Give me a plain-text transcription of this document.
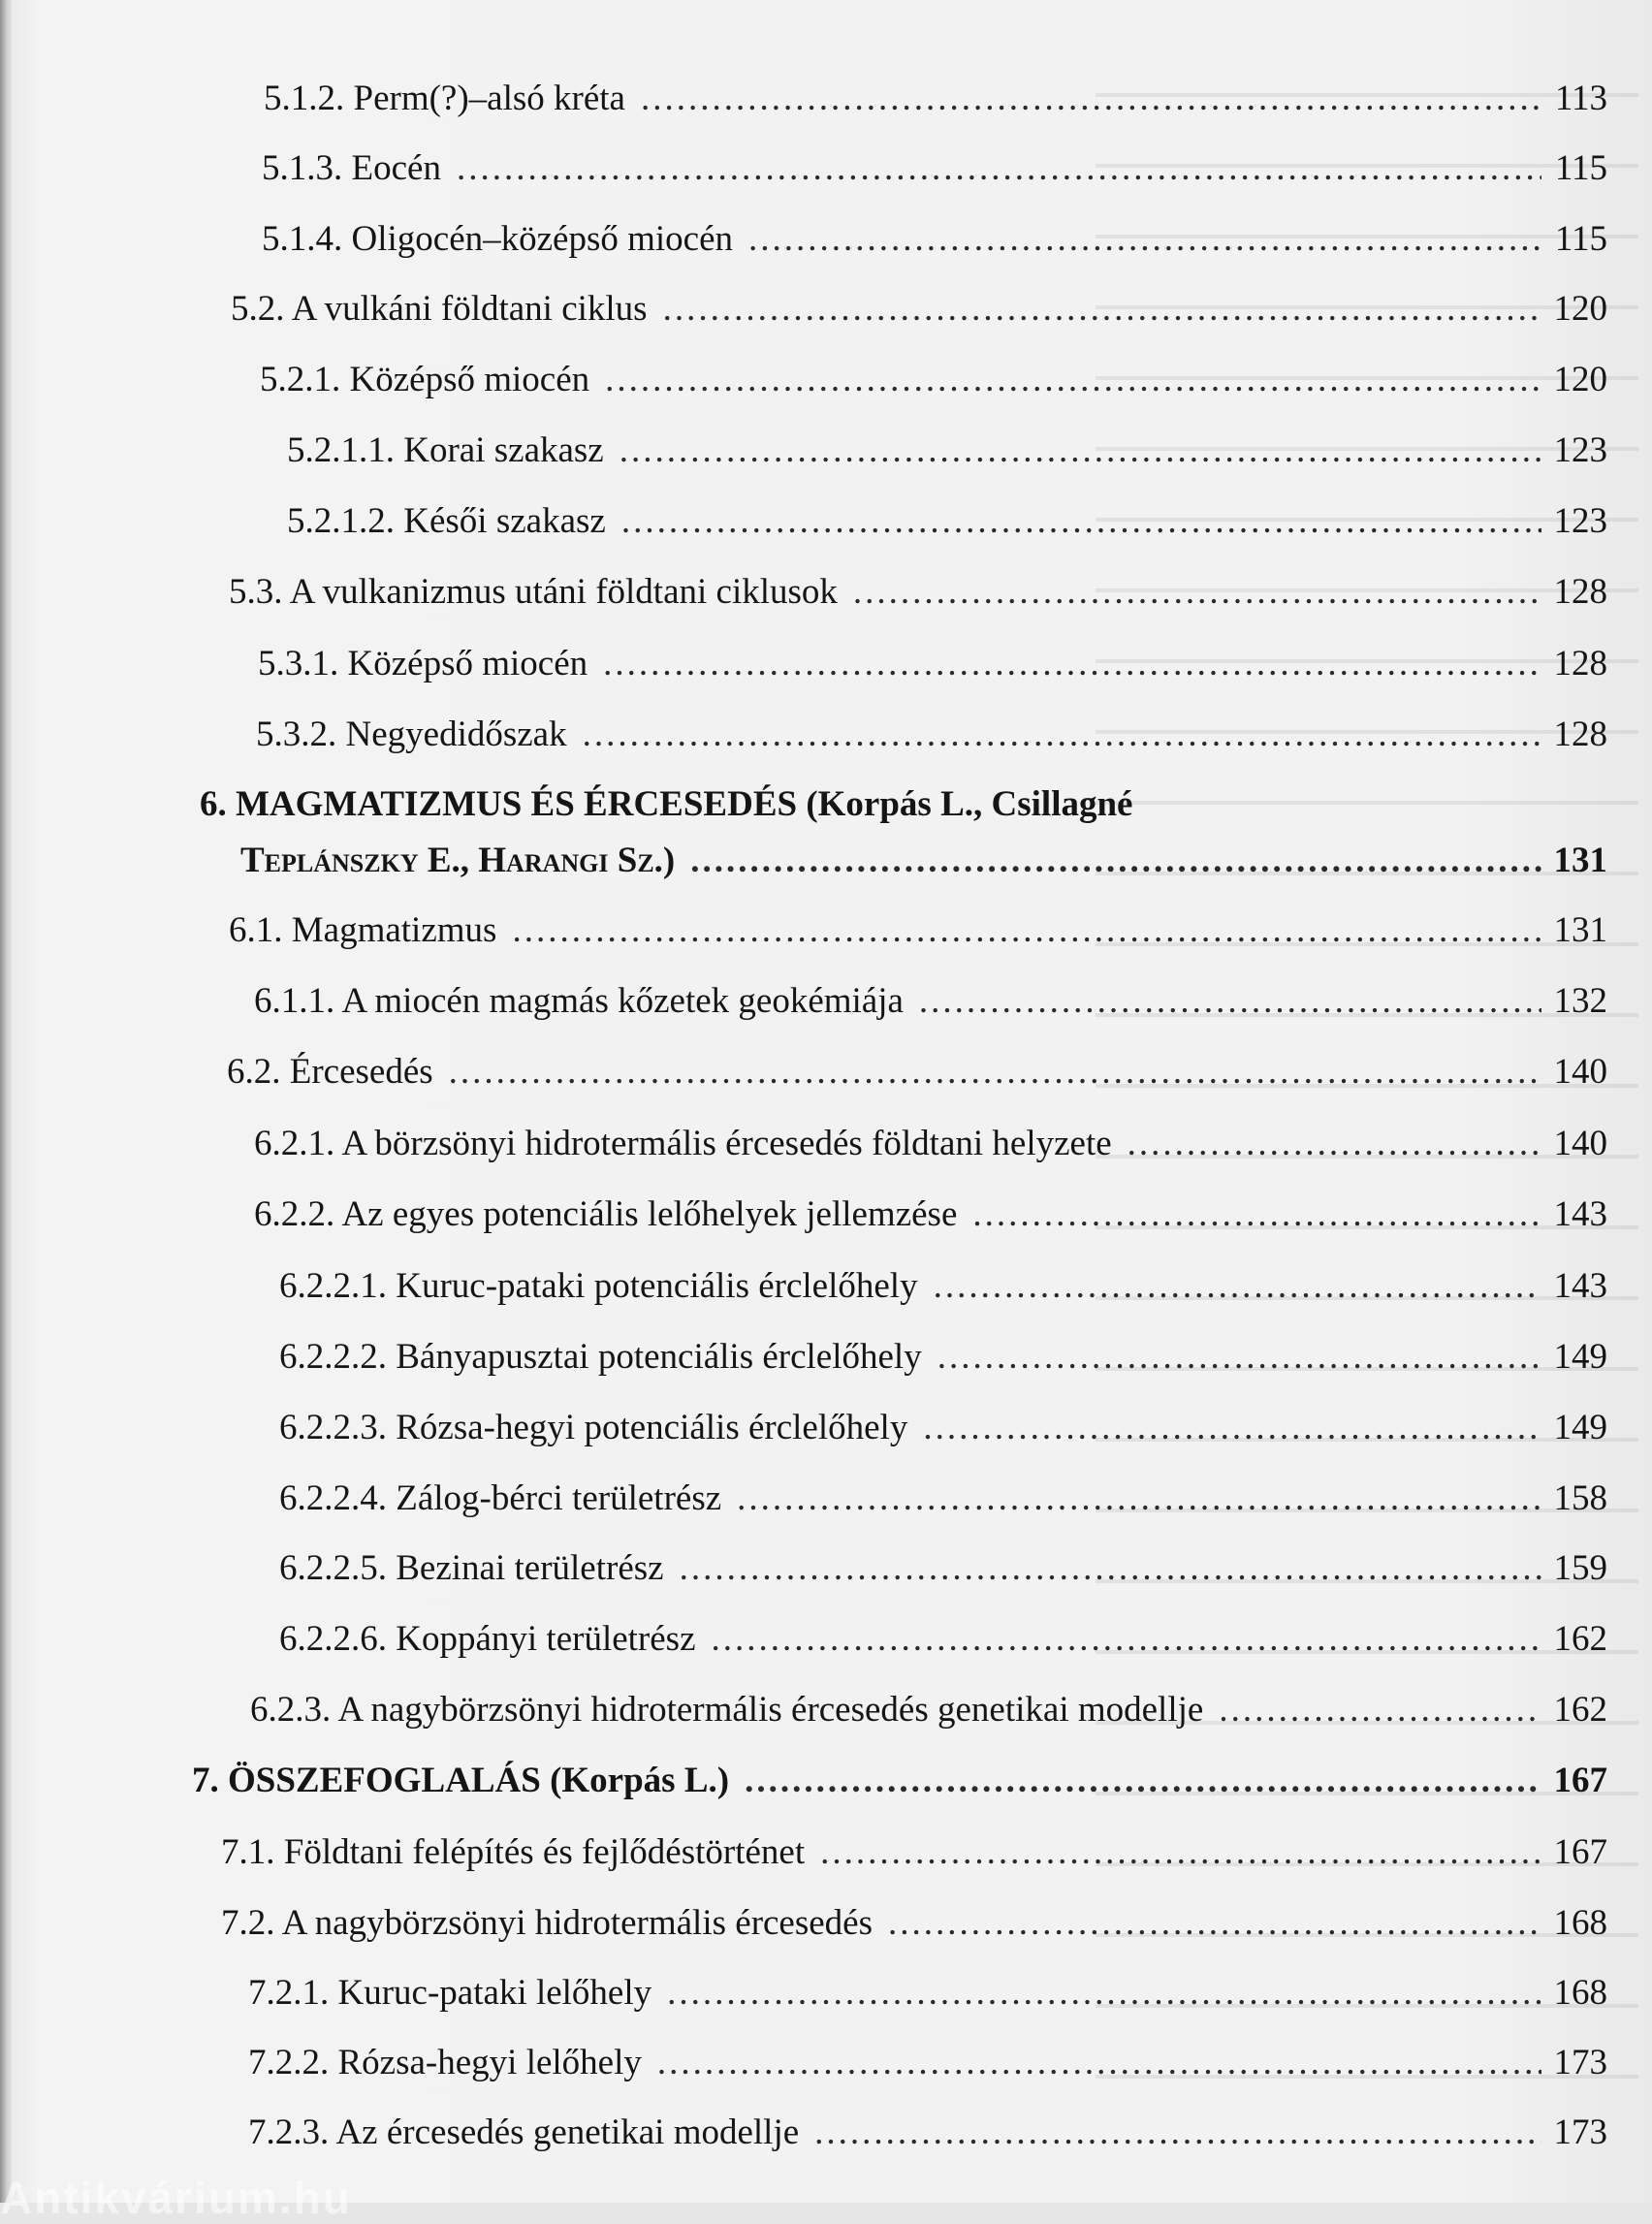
5.1.2. Perm(?)–alsó kréta .....	113
5.1.3. Eocén .....	115
5.1.4. Oligocén–középső miocén .....	115
5.2. A vulkáni földtani ciklus .....	120
5.2.1. Középső miocén .....	120
5.2.1.1. Korai szakasz .....	123
5.2.1.2. Késői szakasz .....	123
5.3. A vulkanizmus utáni földtani ciklusok .....	128
5.3.1. Középső miocén .....	128
5.3.2. Negyedidőszak .....	128
6. MAGMATIZMUS ÉS ÉRCESEDÉS (Korpás L., Csillagné
Teplánszky E., Harangi Sz.) .....	131
6.1. Magmatizmus .....	131
6.1.1. A miocén magmás kőzetek geokémiája .....	132
6.2. Ércesedés .....	140
6.2.1. A börzsönyi hidrotermális ércesedés földtani helyzete .....	140
6.2.2. Az egyes potenciális lelőhelyek jellemzése .....	143
6.2.2.1. Kuruc-pataki potenciális érclelőhely .....	143
6.2.2.2. Bányapusztai potenciális érclelőhely .....	149
6.2.2.3. Rózsa-hegyi potenciális érclelőhely .....	149
6.2.2.4. Zálog-bérci területrész .....	158
6.2.2.5. Bezinai területrész .....	159
6.2.2.6. Koppányi területrész .....	162
6.2.3. A nagybörzsönyi hidrotermális ércesedés genetikai modellje .....	162
7. ÖSSZEFOGLALÁS (Korpás L.) .....	167
7.1. Földtani felépítés és fejlődéstörténet .....	167
7.2. A nagybörzsönyi hidrotermális ércesedés .....	168
7.2.1. Kuruc-pataki lelőhely .....	168
7.2.2. Rózsa-hegyi lelőhely .....	173
7.2.3. Az ércesedés genetikai modellje .....	173
Antikvárium.hu
